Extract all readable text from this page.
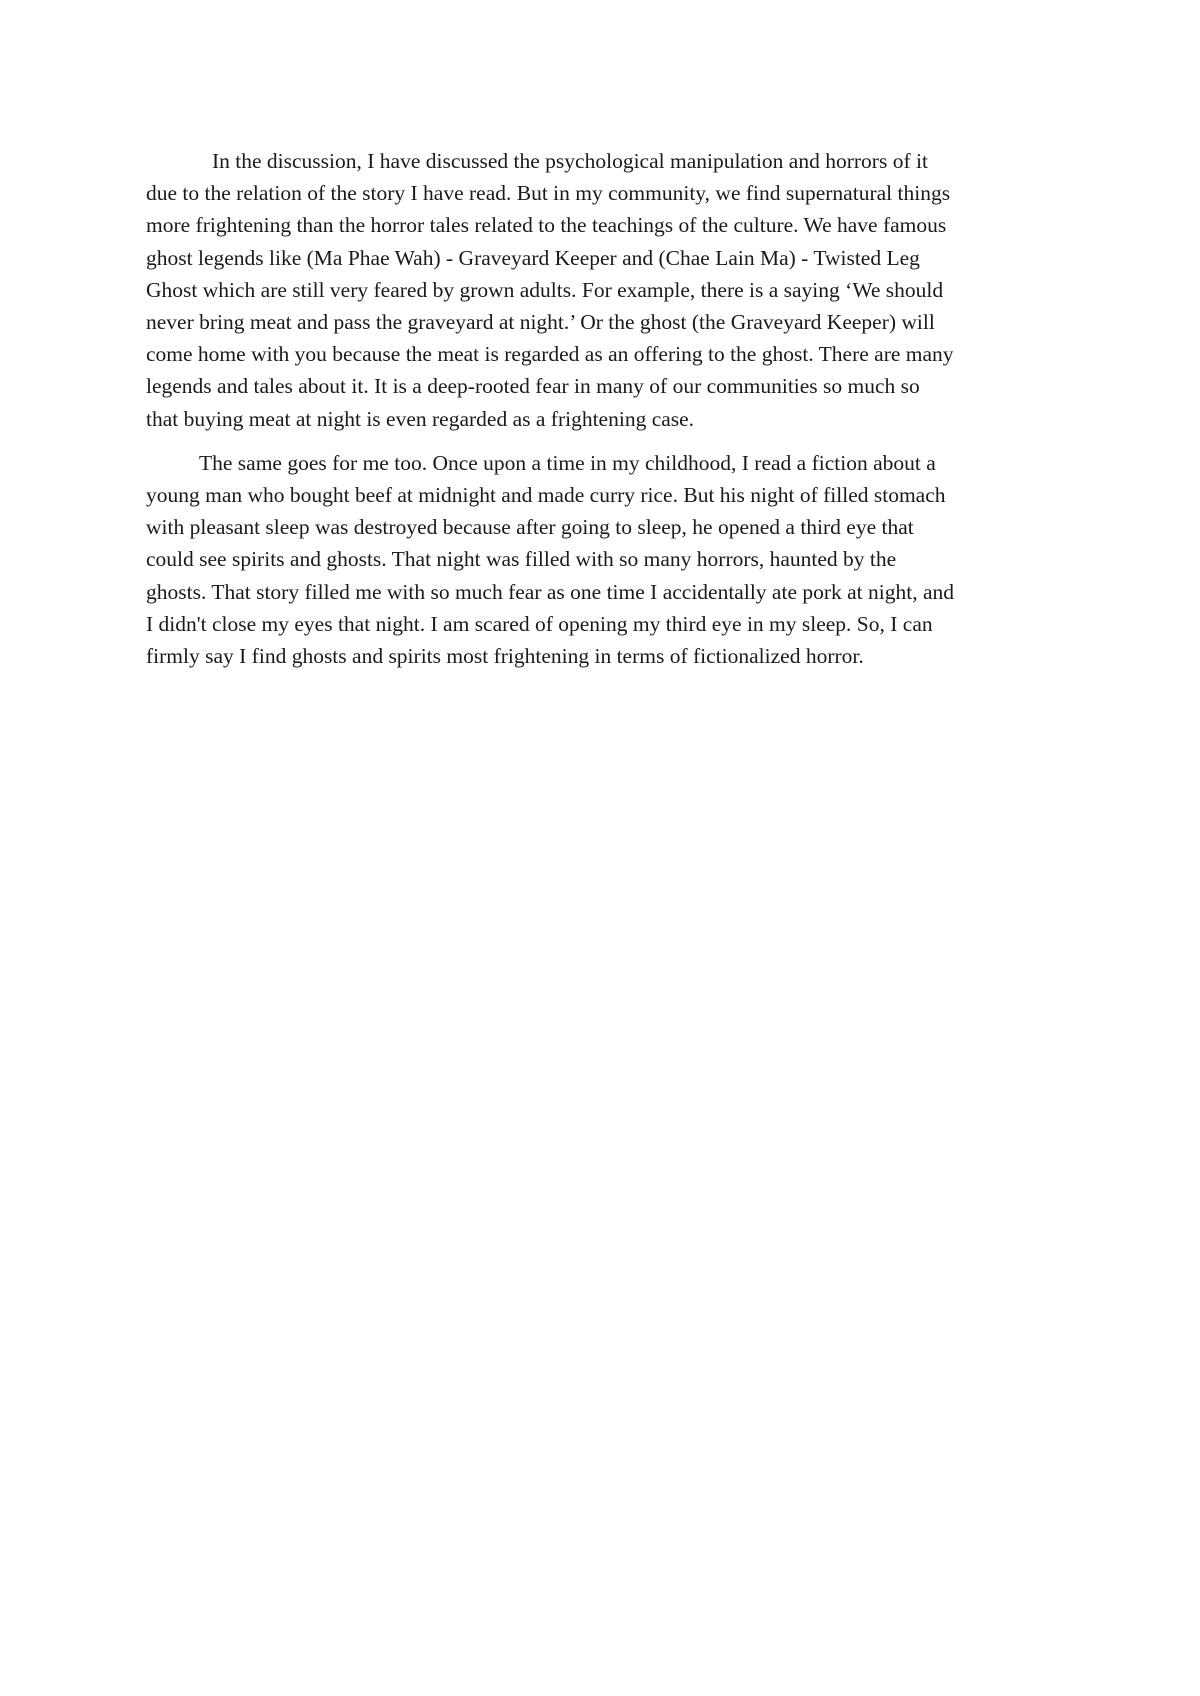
In the discussion, I have discussed the psychological manipulation and horrors of it
due to the relation of the story I have read. But in my community, we find supernatural things
more frightening than the horror tales related to the teachings of the culture. We have famous
ghost legends like (Ma Phae Wah) - Graveyard Keeper and (Chae Lain Ma) - Twisted Leg
Ghost which are still very feared by grown adults. For example, there is a saying ‘We should
never bring meat and pass the graveyard at night.’ Or the ghost (the Graveyard Keeper) will
come home with you because the meat is regarded as an offering to the ghost. There are many
legends and tales about it. It is a deep-rooted fear in many of our communities so much so
that buying meat at night is even regarded as a frightening case.

The same goes for me too. Once upon a time in my childhood, I read a fiction about a
young man who bought beef at midnight and made curry rice. But his night of filled stomach
with pleasant sleep was destroyed because after going to sleep, he opened a third eye that
could see spirits and ghosts. That night was filled with so many horrors, haunted by the
ghosts. That story filled me with so much fear as one time I accidentally ate pork at night, and
I didn't close my eyes that night. I am scared of opening my third eye in my sleep. So, I can
firmly say I find ghosts and spirits most frightening in terms of fictionalized horror.
